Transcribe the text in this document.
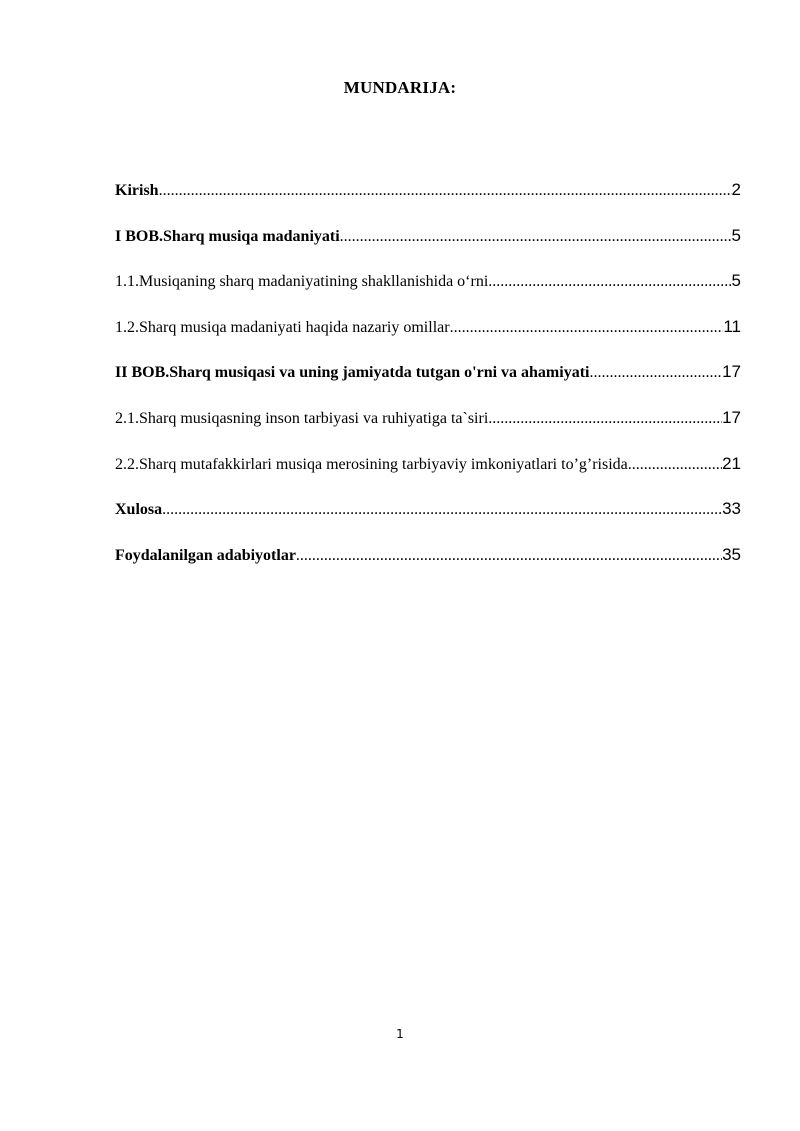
MUNDARIJA:
Kirish .....	2
I BOB.Sharq musiqa madaniyati .....	5
1.1.Musiqaning sharq madaniyatining shakllanishida o‘rni .....	5
1.2.Sharq musiqa madaniyati haqida nazariy omillar .....	11
II BOB.Sharq musiqasi va uning jamiyatda tutgan o'rni va ahamiyati .....	17
2.1.Sharq musiqasning inson tarbiyasi va ruhiyatiga ta`siri .....	17
2.2.Sharq mutafakkirlari musiqa merosining tarbiyaviy imkoniyatlari to’g’risida .....	21
Xulosa .....	33
Foydalanilgan adabiyotlar .....	35
1
